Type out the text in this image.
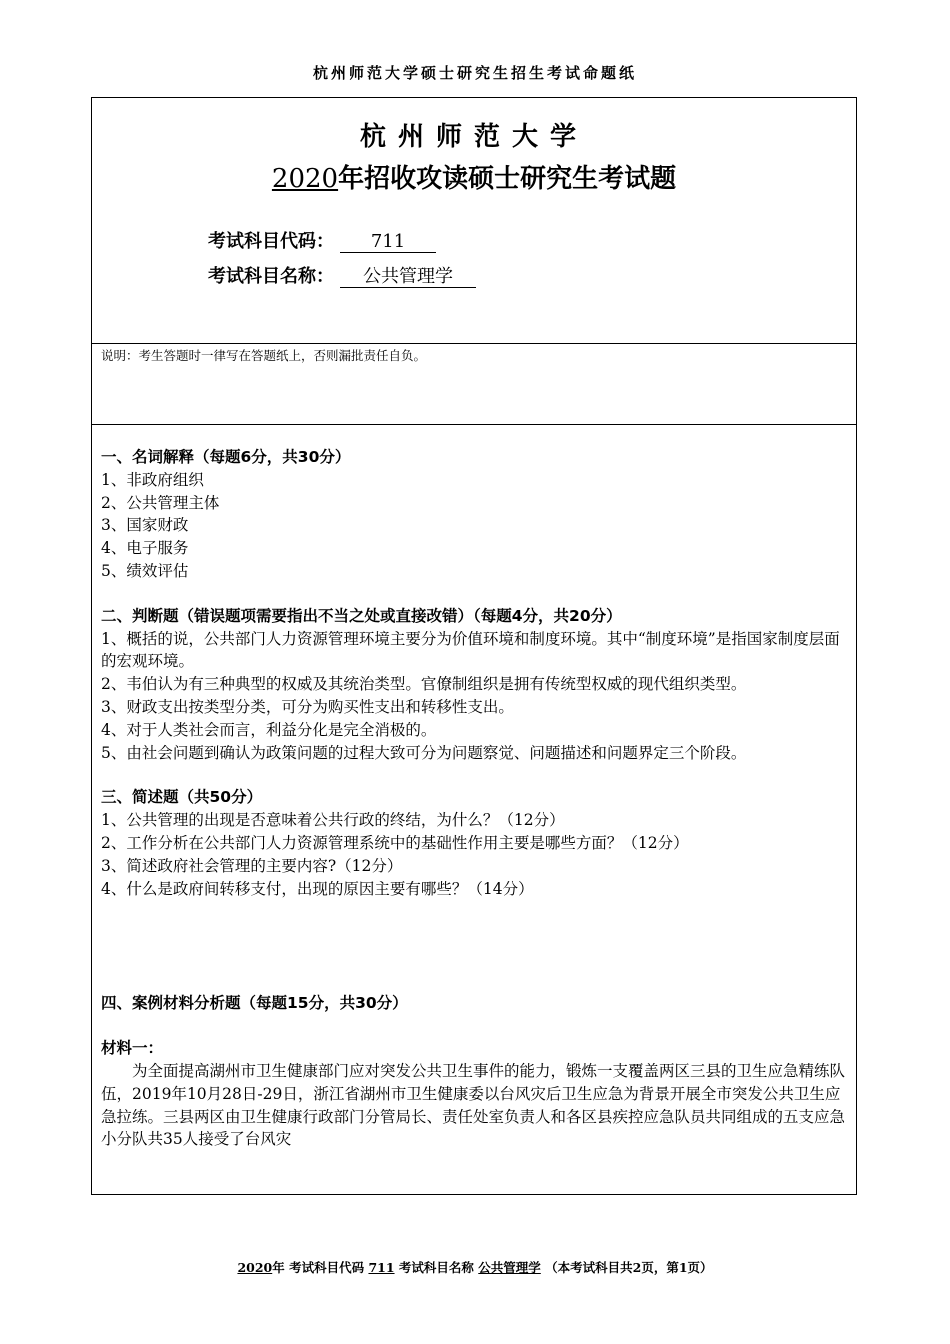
杭州师范大学硕士研究生招生考试命题纸
杭州师范大学
2020年招收攻读硕士研究生考试题
考试科目代码： 711
考试科目名称： 公共管理学
说明：考生答题时一律写在答题纸上，否则漏批责任自负。

一、名词解释（每题6分，共30分）

1、非政府组织

2、公共管理主体

3、国家财政

4、电子服务

5、绩效评估

二、判断题（错误题项需要指出不当之处或直接改错）（每题4分，共20分）

1、概括的说，公共部门人力资源管理环境主要分为价值环境和制度环境。其中“制度环境”是指国家制度层面的宏观环境。

2、韦伯认为有三种典型的权威及其统治类型。官僚制组织是拥有传统型权威的现代组织类型。

3、财政支出按类型分类，可分为购买性支出和转移性支出。

4、对于人类社会而言，利益分化是完全消极的。

5、由社会问题到确认为政策问题的过程大致可分为问题察觉、问题描述和问题界定三个阶段。

三、简述题（共50分）

1、公共管理的出现是否意味着公共行政的终结，为什么？（12分）

2、工作分析在公共部门人力资源管理系统中的基础性作用主要是哪些方面？（12分）

3、简述政府社会管理的主要内容?（12分）

4、什么是政府间转移支付，出现的原因主要有哪些？（14分）

四、案例材料分析题（每题15分，共30分）

材料一：

为全面提高湖州市卫生健康部门应对突发公共卫生事件的能力，锻炼一支覆盖两区三县的卫生应急精练队伍，2019年10月28日-29日，浙江省湖州市卫生健康委以台风灾后卫生应急为背景开展全市突发公共卫生应急拉练。三县两区由卫生健康行政部门分管局长、责任处室负责人和各区县疾控应急队员共同组成的五支应急小分队共35人接受了台风灾

2020年 考试科目代码 711 考试科目名称 公共管理学 （本考试科目共2页，第1页）
